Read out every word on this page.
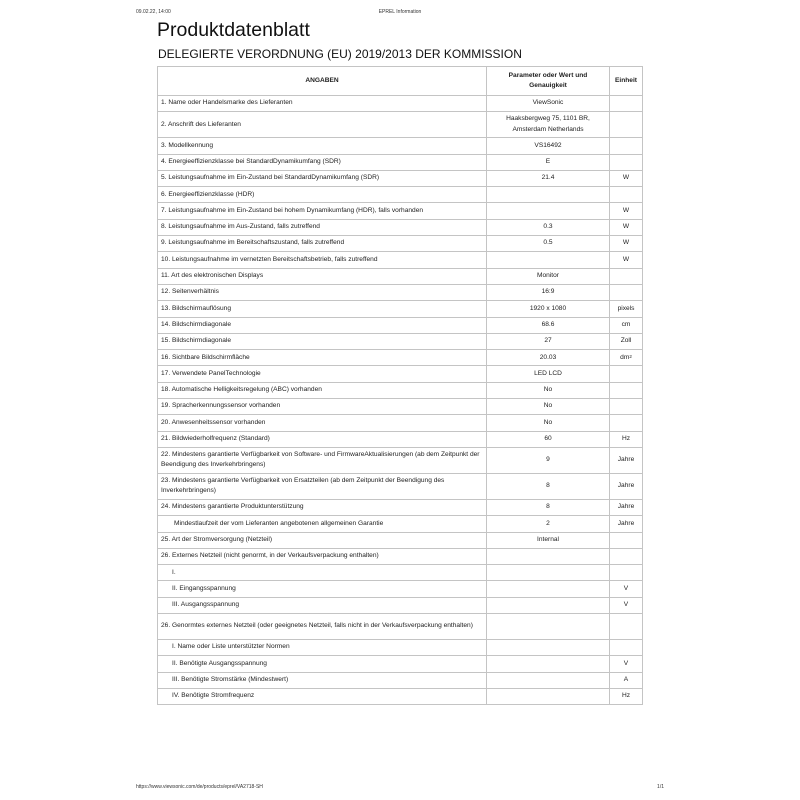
09.02.22, 14:00	EPREL Information
Produktdatenblatt
DELEGIERTE VERORDNUNG (EU) 2019/2013 DER KOMMISSION
ANGABEN	Parameter oder Wert und Genauigkeit	Einheit
1. Name oder Handelsmarke des Lieferanten	ViewSonic	
2. Anschrift des Lieferanten	Haaksbergweg 75, 1101 BR, Amsterdam Netherlands	
3. Modellkennung	VS16492	
4. Energieeffizienzklasse bei StandardDynamikumfang (SDR)	E	
5. Leistungsaufnahme im Ein-Zustand bei StandardDynamikumfang (SDR)	21.4	W
6. Energieeffizienzklasse (HDR)		
7. Leistungsaufnahme im Ein-Zustand bei hohem Dynamikumfang (HDR), falls vorhanden		W
8. Leistungsaufnahme im Aus-Zustand, falls zutreffend	0.3	W
9. Leistungsaufnahme im Bereitschaftszustand, falls zutreffend	0.5	W
10. Leistungsaufnahme im vernetzten Bereitschaftsbetrieb, falls zutreffend		W
11. Art des elektronischen Displays	Monitor	
12. Seitenverhältnis	16:9	
13. Bildschirmauflösung	1920 x 1080	pixels
14. Bildschirmdiagonale	68.6	cm
15. Bildschirmdiagonale	27	Zoll
16. Sichtbare Bildschirmfläche	20.03	$dm^2$
17. Verwendete PanelTechnologie	LED LCD	
18. Automatische Helligkeitsregelung (ABC) vorhanden	No	
19. Spracherkennungssensor vorhanden	No	
20. Anwesenheitssensor vorhanden	No	
21. Bildwiederholfrequenz (Standard)	60	Hz
22. Mindestens garantierte Verfügbarkeit von Software- und FirmwareAktualisierungen (ab dem Zeitpunkt der Beendigung des Inverkehrbringens)	9	Jahre
23. Mindestens garantierte Verfügbarkeit von Ersatzteilen (ab dem Zeitpunkt der Beendigung des Inverkehrbringens)	8	Jahre
24. Mindestens garantierte Produktunterstützung	8	Jahre
Mindestlaufzeit der vom Lieferanten angebotenen allgemeinen Garantie	2	Jahre
25. Art der Stromversorgung (Netzteil)	Internal	
26. Externes Netzteil (nicht genormt, in der Verkaufsverpackung enthalten)		
I.		
II. Eingangsspannung		V
III. Ausgangsspannung		V
26. Genormtes externes Netzteil (oder geeignetes Netzteil, falls nicht in der Verkaufsverpackung enthalten)		
I. Name oder Liste unterstützter Normen		
II. Benötigte Ausgangsspannung		V
III. Benötigte Stromstärke (Mindestwert)		A
IV. Benötigte Stromfrequenz		Hz
https://www.viewsonic.com/de/products/eprel/VA2718-SH	1/1
